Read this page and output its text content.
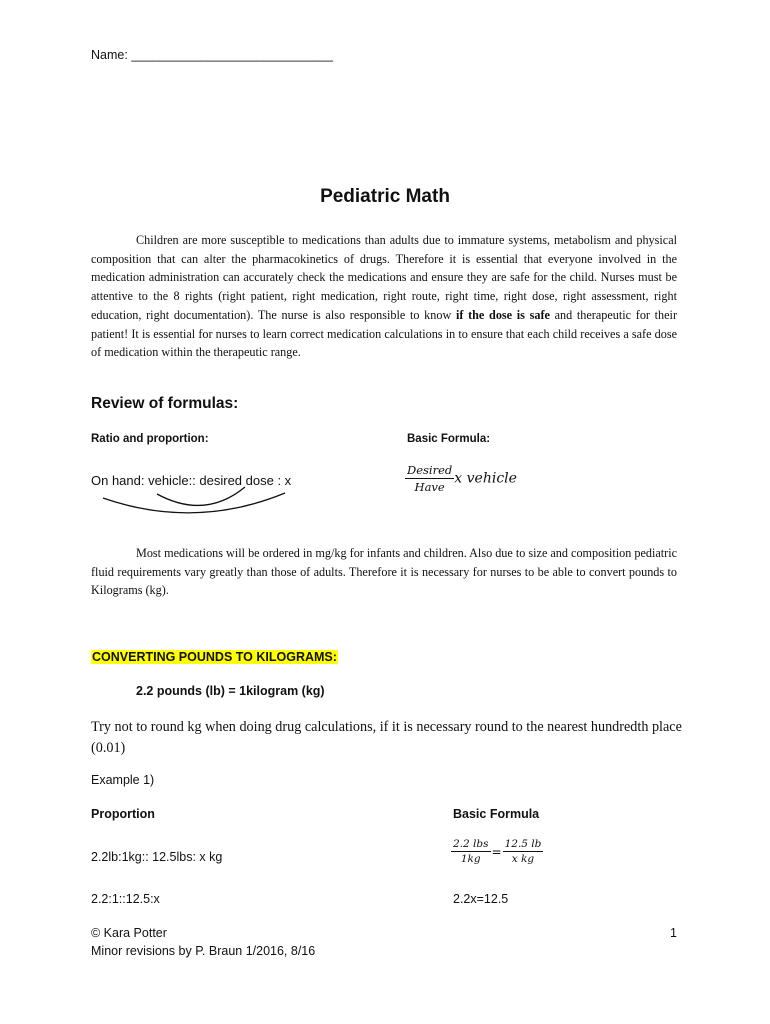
Name: _____________________________
Pediatric Math
Children are more susceptible to medications than adults due to immature systems, metabolism and physical composition that can alter the pharmacokinetics of drugs. Therefore it is essential that everyone involved in the medication administration can accurately check the medications and ensure they are safe for the child. Nurses must be attentive to the 8 rights (right patient, right medication, right route, right time, right dose, right assessment, right education, right documentation). The nurse is also responsible to know if the dose is safe and therapeutic for their patient! It is essential for nurses to learn correct medication calculations in to ensure that each child receives a safe dose of medication within the therapeutic range.
Review of formulas:
Ratio and proportion:	Basic Formula:
On hand: vehicle:: desired dose : x	$\frac{\text{Desired}}{\text{Have}}$ x vehicle
Most medications will be ordered in mg/kg for infants and children. Also due to size and composition pediatric fluid requirements vary greatly than those of adults. Therefore it is necessary for nurses to be able to convert pounds to Kilograms (kg).
CONVERTING POUNDS TO KILOGRAMS:
2.2 pounds (lb) = 1kilogram (kg)
Try not to round kg when doing drug calculations, if it is necessary round to the nearest hundredth place (0.01)
Example 1)
Proportion	Basic Formula
2.2lb:1kg:: 12.5lbs: x kg	$\frac{\text{2.2 lbs}}{1kg} = \frac{12.5 lb}{\text{x kg}}$
2.2:1::12.5:x	2.2x=12.5
© Kara Potter
Minor revisions by P. Braun 1/2016, 8/16
1
